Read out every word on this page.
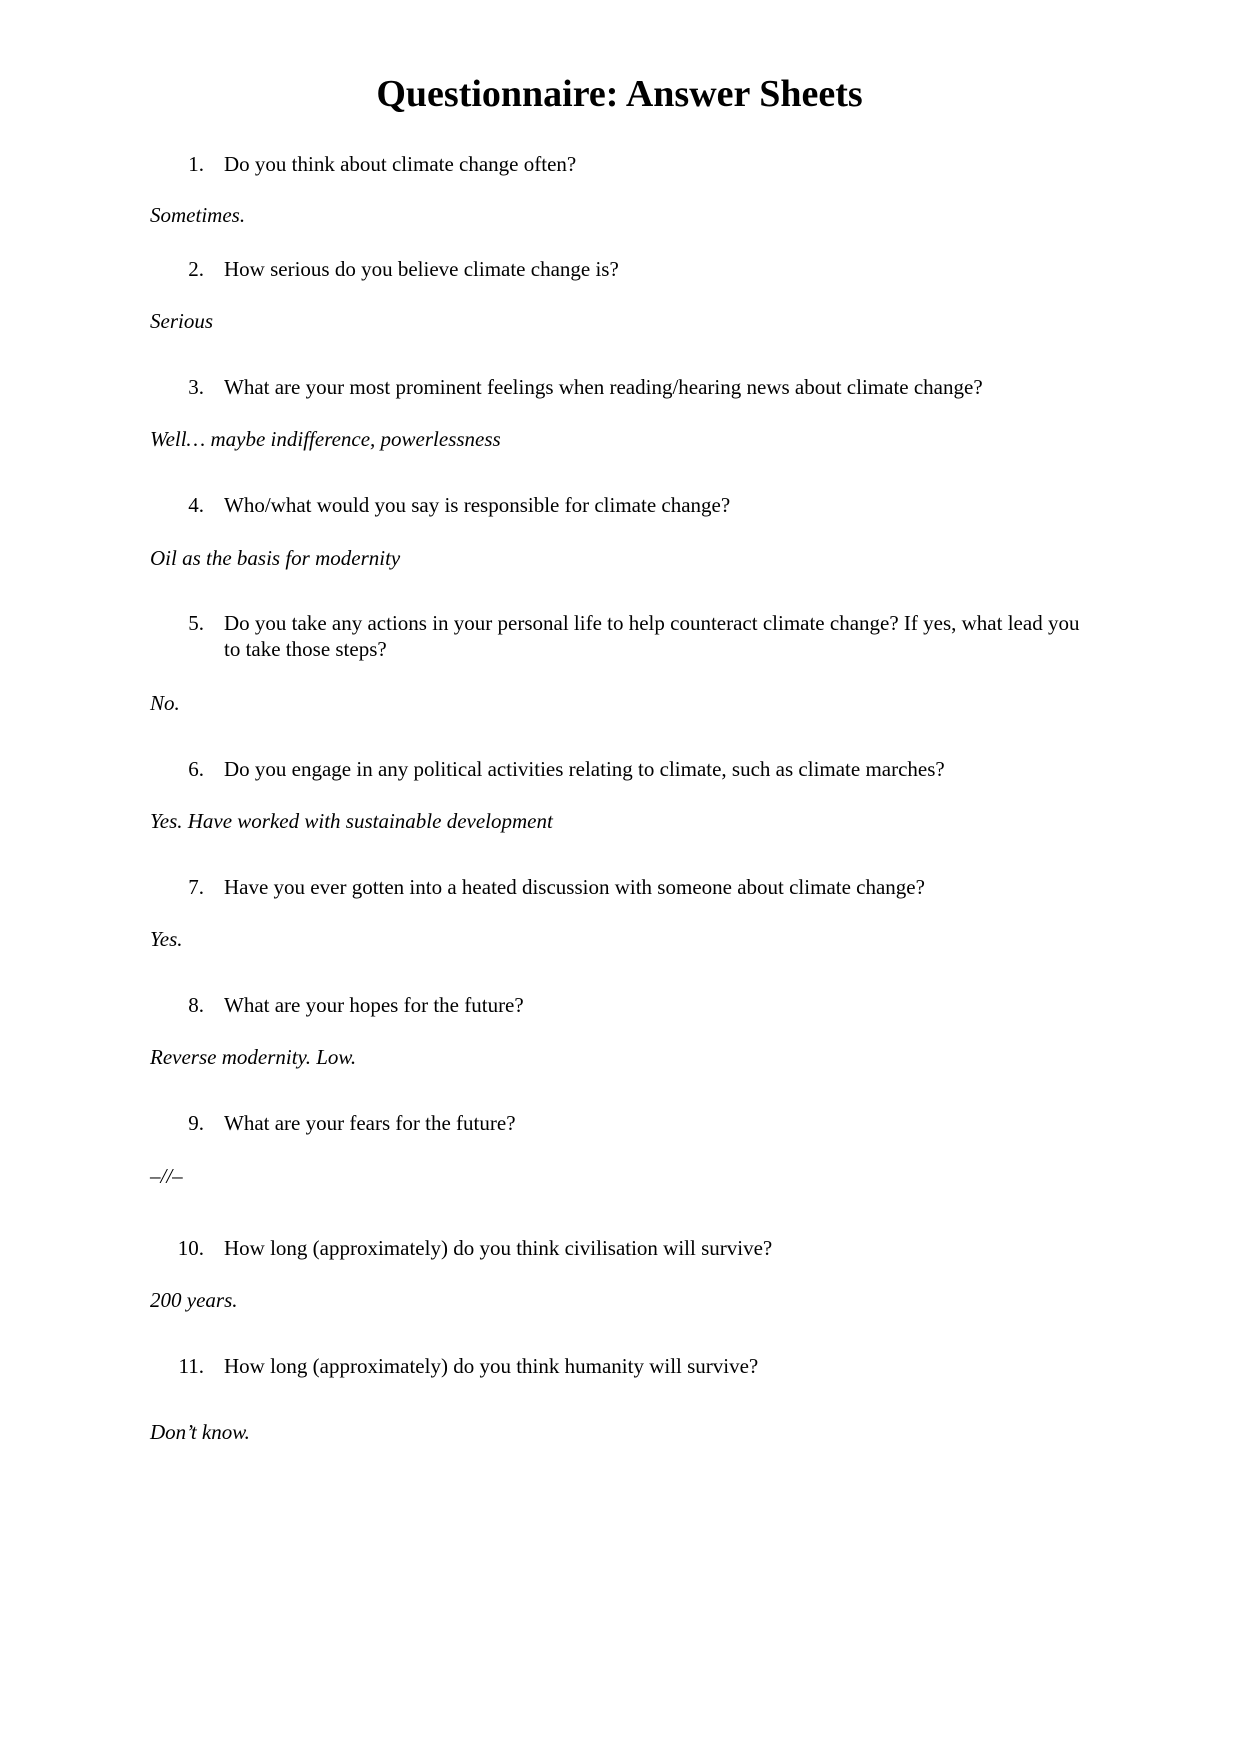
Questionnaire: Answer Sheets
1. Do you think about climate change often?
Sometimes.
2. How serious do you believe climate change is?
Serious
3. What are your most prominent feelings when reading/hearing news about climate change?
Well… maybe indifference, powerlessness
4. Who/what would you say is responsible for climate change?
Oil as the basis for modernity
5. Do you take any actions in your personal life to help counteract climate change? If yes, what lead you to take those steps?
No.
6. Do you engage in any political activities relating to climate, such as climate marches?
Yes. Have worked with sustainable development
7. Have you ever gotten into a heated discussion with someone about climate change?
Yes.
8. What are your hopes for the future?
Reverse modernity. Low.
9. What are your fears for the future?
–//–
10. How long (approximately) do you think civilisation will survive?
200 years.
11. How long (approximately) do you think humanity will survive?
Don’t know.
